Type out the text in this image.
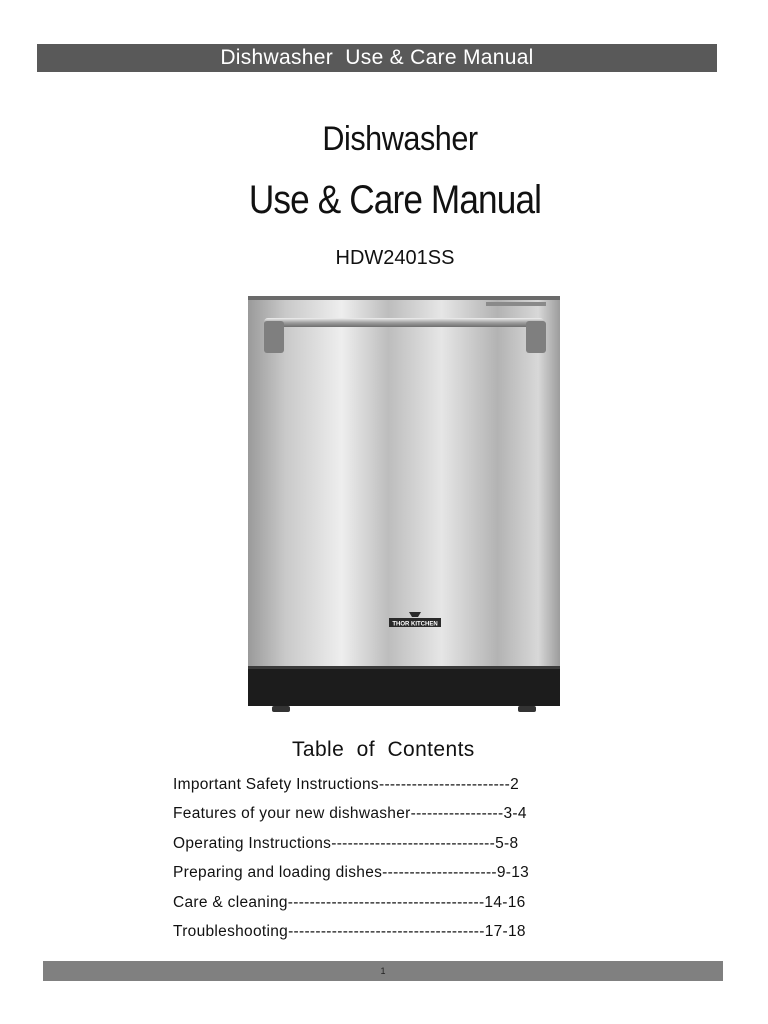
Dishwasher  Use & Care Manual
Dishwasher
Use & Care Manual
HDW2401SS
THOR KITCHEN
Table  of  Contents
Important Safety Instructions------------------------2
Features of your new dishwasher-----------------3-4
Operating Instructions------------------------------5-8
Preparing and loading dishes---------------------9-13
Care & cleaning------------------------------------14-16
Troubleshooting------------------------------------17-18
1
